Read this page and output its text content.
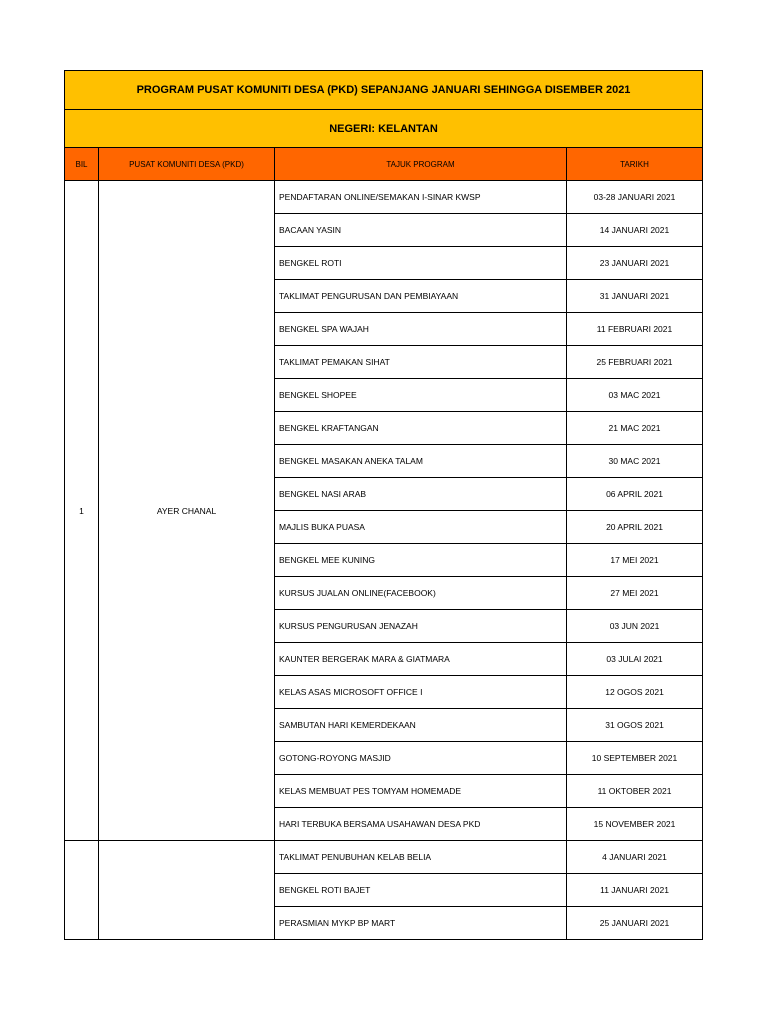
PROGRAM PUSAT KOMUNITI DESA (PKD) SEPANJANG JANUARI SEHINGGA DISEMBER 2021			
NEGERI: KELANTAN			
BIL	PUSAT KOMUNITI DESA (PKD)	TAJUK PROGRAM	TARIKH
1	AYER CHANAL	PENDAFTARAN ONLINE/SEMAKAN I-SINAR KWSP	03-28 JANUARI 2021
		BACAAN YASIN	14 JANUARI 2021
		BENGKEL ROTI	23 JANUARI 2021
		TAKLIMAT PENGURUSAN DAN PEMBIAYAAN	31 JANUARI 2021
		BENGKEL SPA WAJAH	11 FEBRUARI 2021
		TAKLIMAT PEMAKAN SIHAT	25 FEBRUARI 2021
		BENGKEL SHOPEE	03 MAC 2021
		BENGKEL KRAFTANGAN	21 MAC 2021
		BENGKEL MASAKAN ANEKA TALAM	30 MAC 2021
		BENGKEL NASI ARAB	06 APRIL 2021
		MAJLIS BUKA PUASA	20 APRIL 2021
		BENGKEL MEE KUNING	17 MEI 2021
		KURSUS JUALAN ONLINE(FACEBOOK)	27 MEI 2021
		KURSUS PENGURUSAN JENAZAH	03 JUN 2021
		KAUNTER BERGERAK MARA & GIATMARA	03 JULAI 2021
		KELAS ASAS MICROSOFT OFFICE I	12 OGOS 2021
		SAMBUTAN HARI KEMERDEKAAN	31 OGOS 2021
		GOTONG-ROYONG MASJID	10 SEPTEMBER 2021
		KELAS MEMBUAT PES TOMYAM HOMEMADE	11 OKTOBER 2021
		HARI TERBUKA BERSAMA USAHAWAN DESA PKD	15 NOVEMBER 2021
		TAKLIMAT PENUBUHAN KELAB BELIA	4 JANUARI 2021
		BENGKEL ROTI BAJET	11 JANUARI 2021
		PERASMIAN MYKP BP MART	25 JANUARI 2021
